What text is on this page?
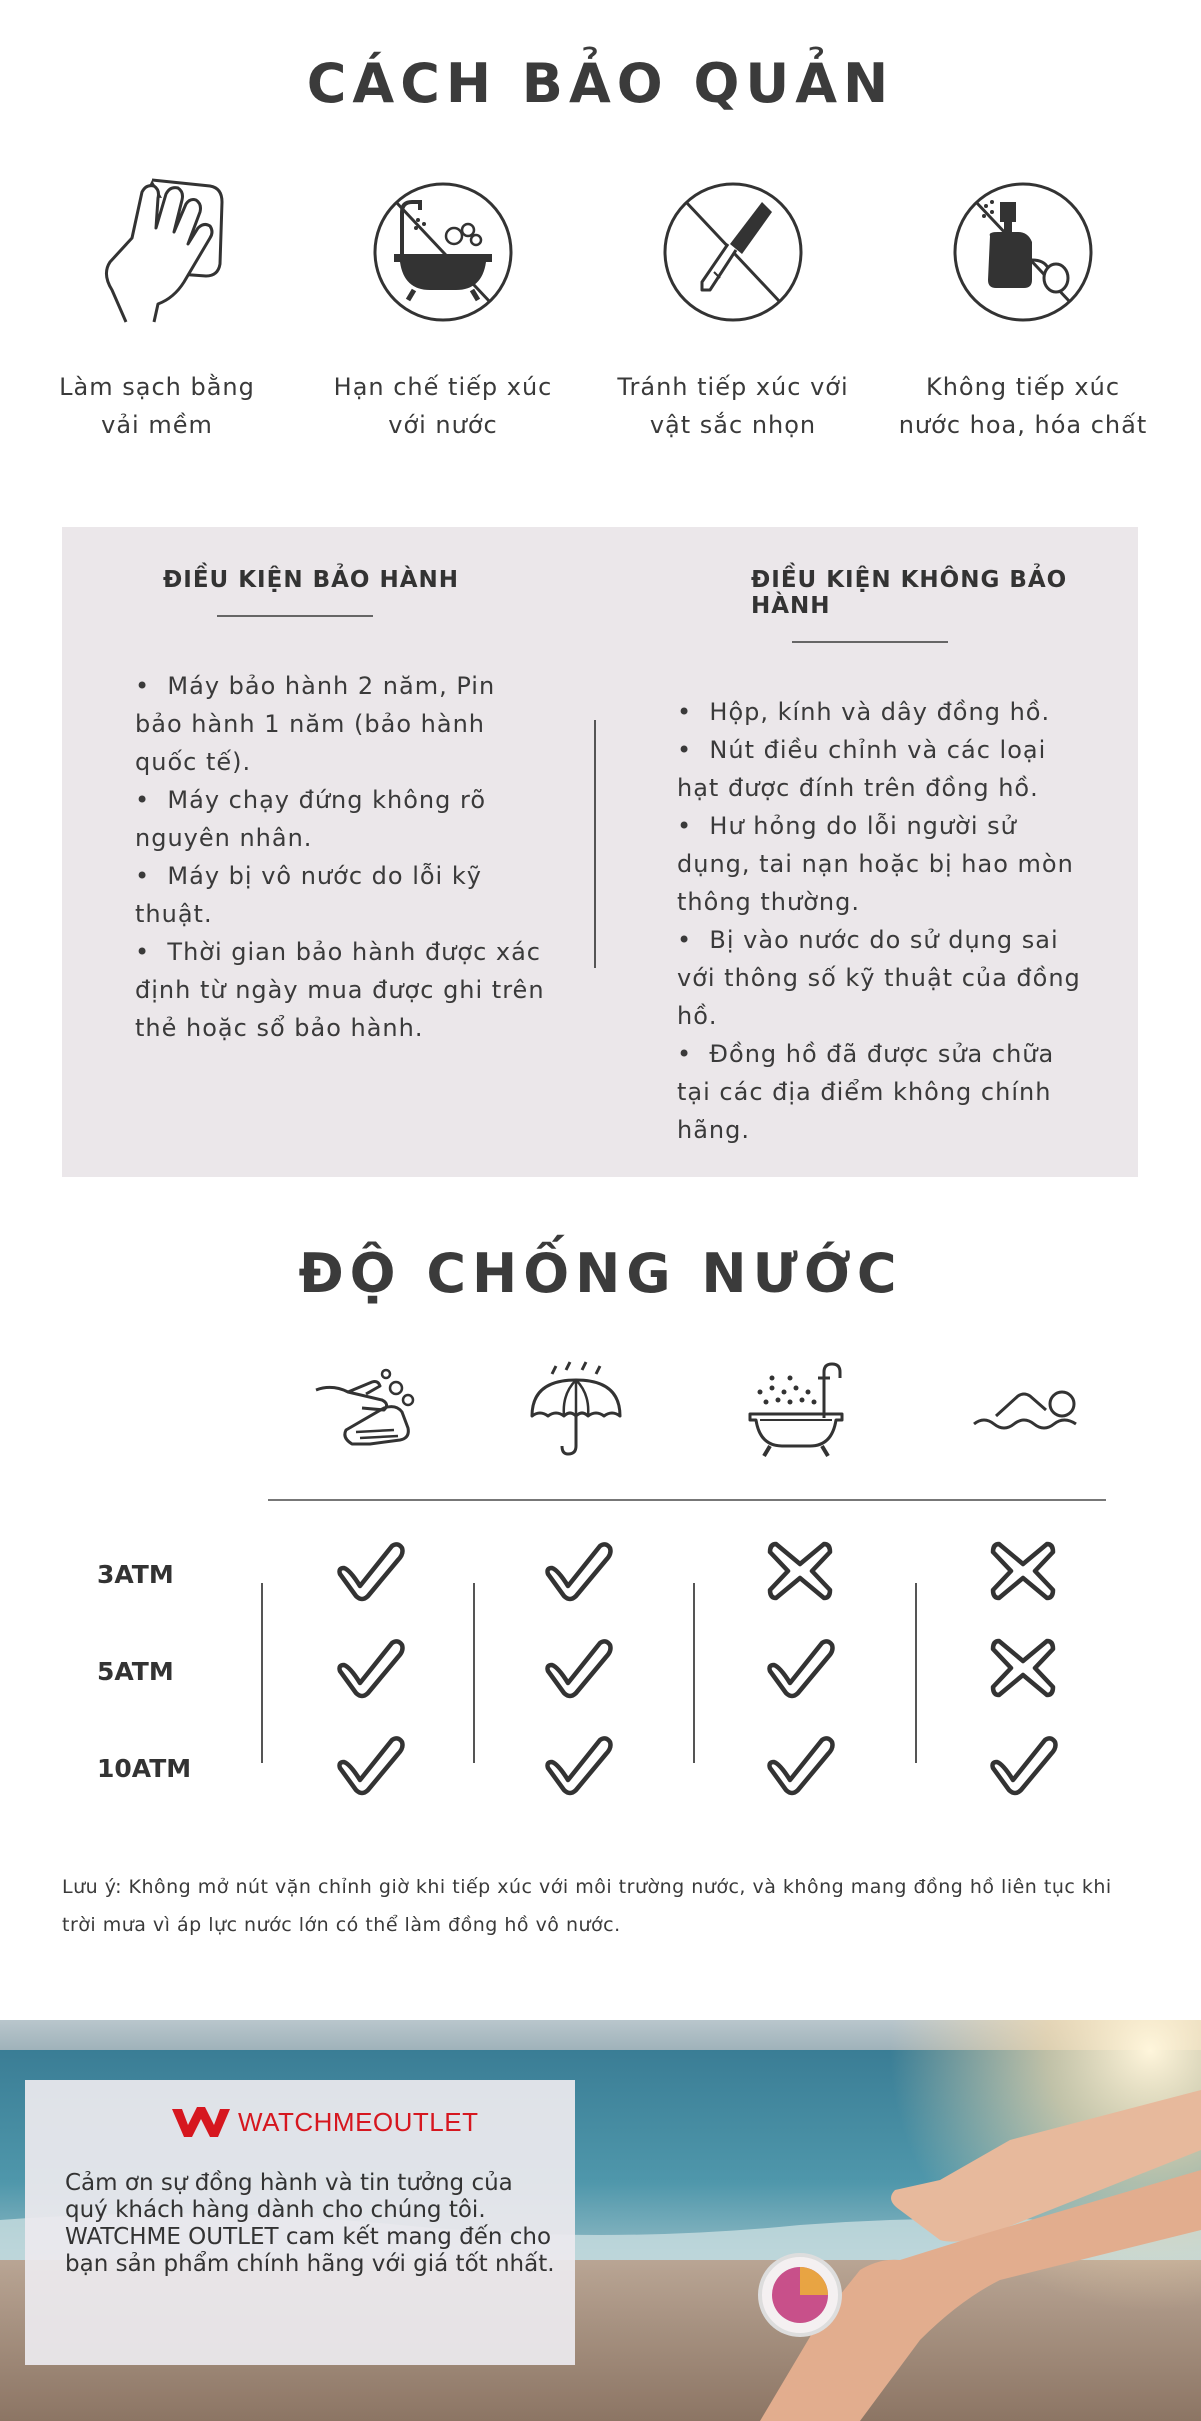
CÁCH BẢO QUẢN
Làm sạch bằng
vải mềm
Hạn chế tiếp xúc
với nước
Tránh tiếp xúc với
vật sắc nhọn
Không tiếp xúc
nước hoa, hóa chất
ĐIỀU KIỆN BẢO HÀNH
•  Máy bảo hành 2 năm, Pin bảo hành 1 năm (bảo hành quốc tế).
•  Máy chạy đứng không rõ nguyên nhân.
•  Máy bị vô nước do lỗi kỹ thuật.
•  Thời gian bảo hành được xác định từ ngày mua được ghi trên thẻ hoặc sổ bảo hành.
ĐIỀU KIỆN KHÔNG BẢO HÀNH
•  Hộp, kính và dây đồng hồ.
•  Nút điều chỉnh và các loại hạt được đính trên đồng hồ.
•  Hư hỏng do lỗi người sử dụng, tai nạn hoặc bị hao mòn thông thường.
•  Bị vào nước do sử dụng sai với thông số kỹ thuật của đồng hồ.
•  Đồng hồ đã được sửa chữa tại các địa điểm không chính hãng.
ĐỘ CHỐNG NƯỚC
3ATM
5ATM
10ATM
Lưu ý: Không mở nút vặn chỉnh giờ khi tiếp xúc với môi trường nước, và không mang đồng hồ liên tục khi trời mưa vì áp lực nước lớn có thể làm đồng hồ vô nước.
WATCHMEOUTLET
Cảm ơn sự đồng hành và tin tưởng của quý khách hàng dành cho chúng tôi. WATCHME OUTLET cam kết mang đến cho bạn sản phẩm chính hãng với giá tốt nhất.
